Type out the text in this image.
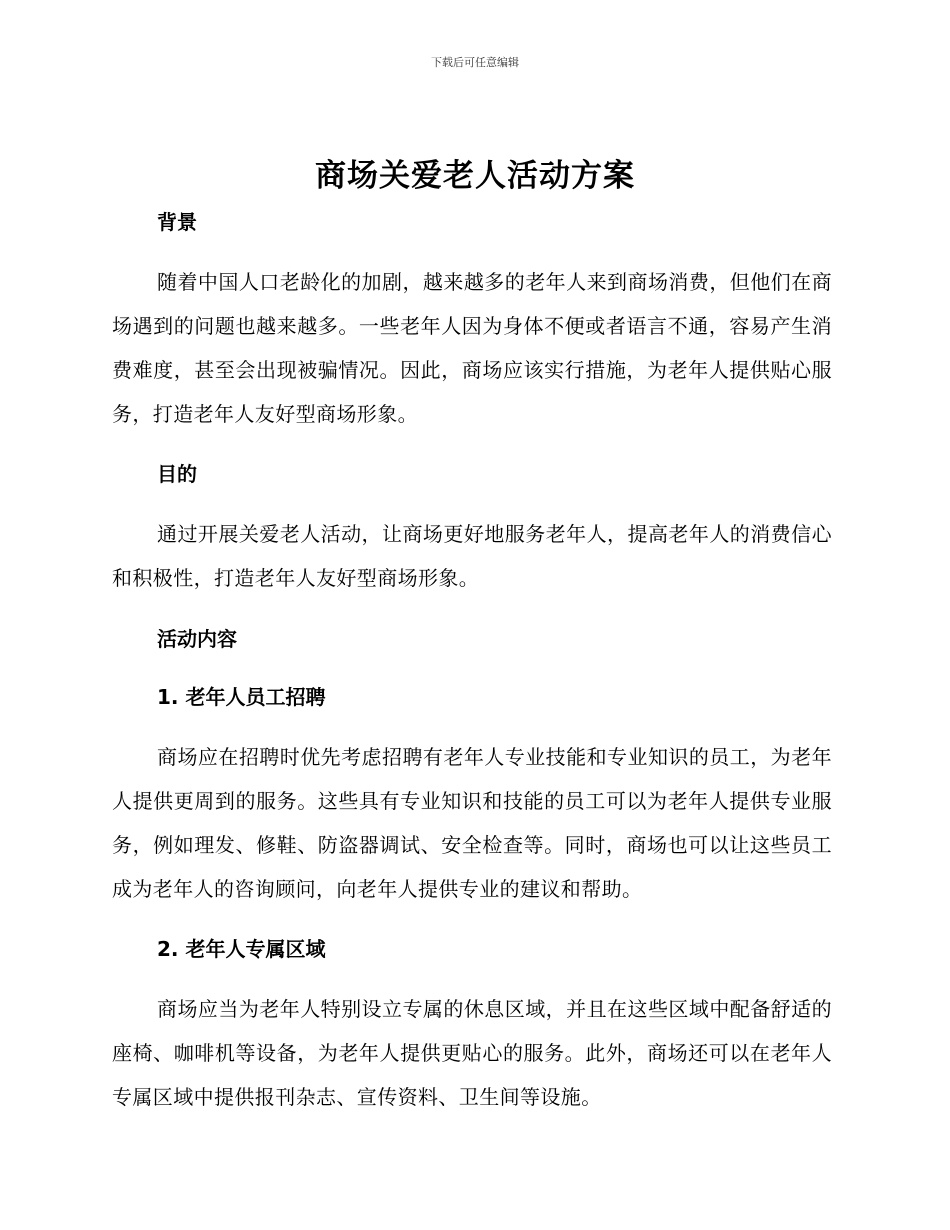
下载后可任意编辑
商场关爱老人活动方案
背景
随着中国人口老龄化的加剧，越来越多的老年人来到商场消费，但他们在商场遇到的问题也越来越多。一些老年人因为身体不便或者语言不通，容易产生消费难度，甚至会出现被骗情况。因此，商场应该实行措施，为老年人提供贴心服务，打造老年人友好型商场形象。
目的
通过开展关爱老人活动，让商场更好地服务老年人，提高老年人的消费信心和积极性，打造老年人友好型商场形象。
活动内容
1. 老年人员工招聘
商场应在招聘时优先考虑招聘有老年人专业技能和专业知识的员工，为老年人提供更周到的服务。这些具有专业知识和技能的员工可以为老年人提供专业服务，例如理发、修鞋、防盗器调试、安全检查等。同时，商场也可以让这些员工成为老年人的咨询顾问，向老年人提供专业的建议和帮助。
2. 老年人专属区域
商场应当为老年人特别设立专属的休息区域，并且在这些区域中配备舒适的座椅、咖啡机等设备，为老年人提供更贴心的服务。此外，商场还可以在老年人专属区域中提供报刊杂志、宣传资料、卫生间等设施。
